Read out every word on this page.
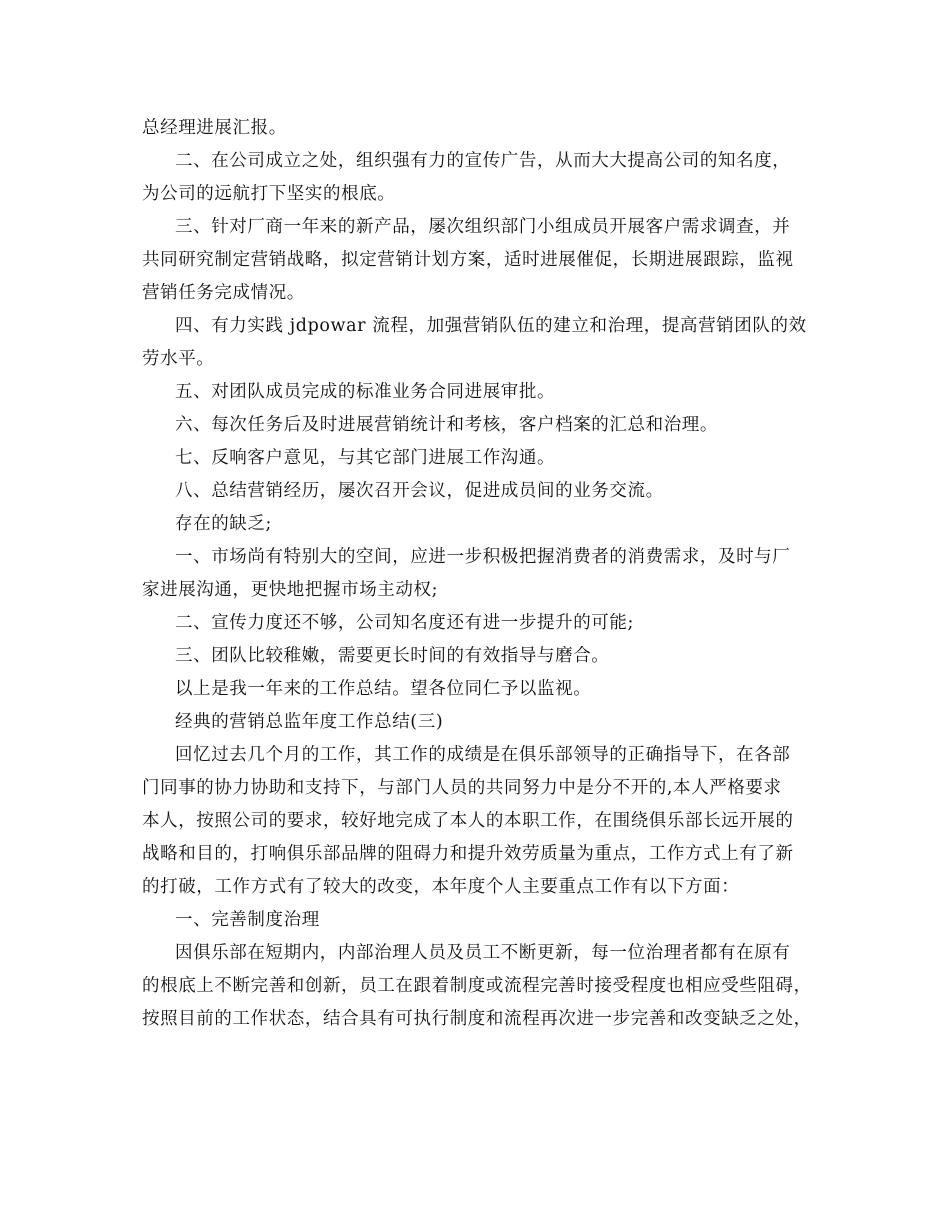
总经理进展汇报。

二、在公司成立之处，组织强有力的宣传广告，从而大大提高公司的知名度，

为公司的远航打下坚实的根底。

三、针对厂商一年来的新产品，屡次组织部门小组成员开展客户需求调查，并

共同研究制定营销战略，拟定营销计划方案，适时进展催促，长期进展跟踪，监视

营销任务完成情况。

四、有力实践 jdpowar 流程，加强营销队伍的建立和治理，提高营销团队的效

劳水平。

五、对团队成员完成的标准业务合同进展审批。

六、每次任务后及时进展营销统计和考核，客户档案的汇总和治理。

七、反响客户意见，与其它部门进展工作沟通。

八、总结营销经历，屡次召开会议，促进成员间的业务交流。

存在的缺乏;

一、市场尚有特别大的空间，应进一步积极把握消费者的消费需求，及时与厂

家进展沟通，更快地把握市场主动权;

二、宣传力度还不够，公司知名度还有进一步提升的可能;

三、团队比较稚嫩，需要更长时间的有效指导与磨合。

以上是我一年来的工作总结。望各位同仁予以监视。

经典的营销总监年度工作总结(三)

回忆过去几个月的工作，其工作的成绩是在俱乐部领导的正确指导下，在各部

门同事的协力协助和支持下，与部门人员的共同努力中是分不开的,本人严格要求

本人，按照公司的要求，较好地完成了本人的本职工作，在围绕俱乐部长远开展的

战略和目的，打响俱乐部品牌的阻碍力和提升效劳质量为重点，工作方式上有了新

的打破，工作方式有了较大的改变，本年度个人主要重点工作有以下方面：

一、完善制度治理

因俱乐部在短期内，内部治理人员及员工不断更新，每一位治理者都有在原有

的根底上不断完善和创新，员工在跟着制度或流程完善时接受程度也相应受些阻碍，

按照目前的工作状态，结合具有可执行制度和流程再次进一步完善和改变缺乏之处，
